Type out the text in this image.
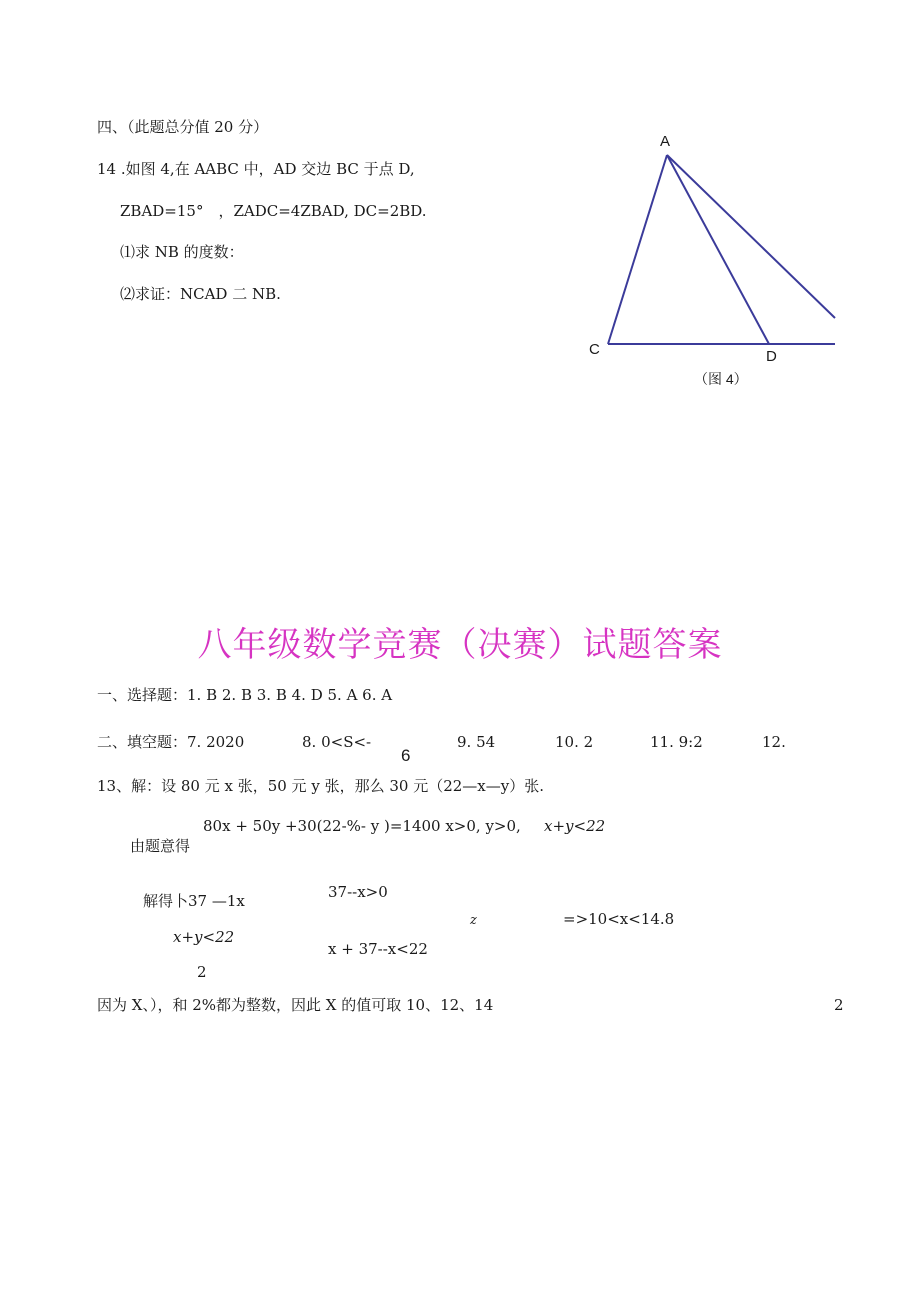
四、（此题总分值 20 分）
14 .如图 4,在 AABC 中，AD 交边 BC 于点 D,
ZBAD=15°　，ZADC=4ZBAD, DC=2BD.
⑴求 NB 的度数：
⑵求证：NCAD 二 NB.
A
C	D
（图 4）
八年级数学竞赛（决赛）试题答案
一、选择题：1. B 2. B 3. B 4. D 5. A 6. A
二、填空题：7. 2020	8. 0<S<-
6
9. 54	10. 2	11. 9:2	12.
13、解：设 80 元 x 张，50 元 y 张，那么 30 元（22—x—y）张.
80x + 50y +30(22-%- y )=1400 x>0, y>0, x+y<22
由题意得
解得卜37 —1x	37--x>0
z	=>10<x<14.8
x+y<22
x + 37--x<22
2
因为 X、），和 2%都为整数，因此 X 的值可取 10、12、14	2
